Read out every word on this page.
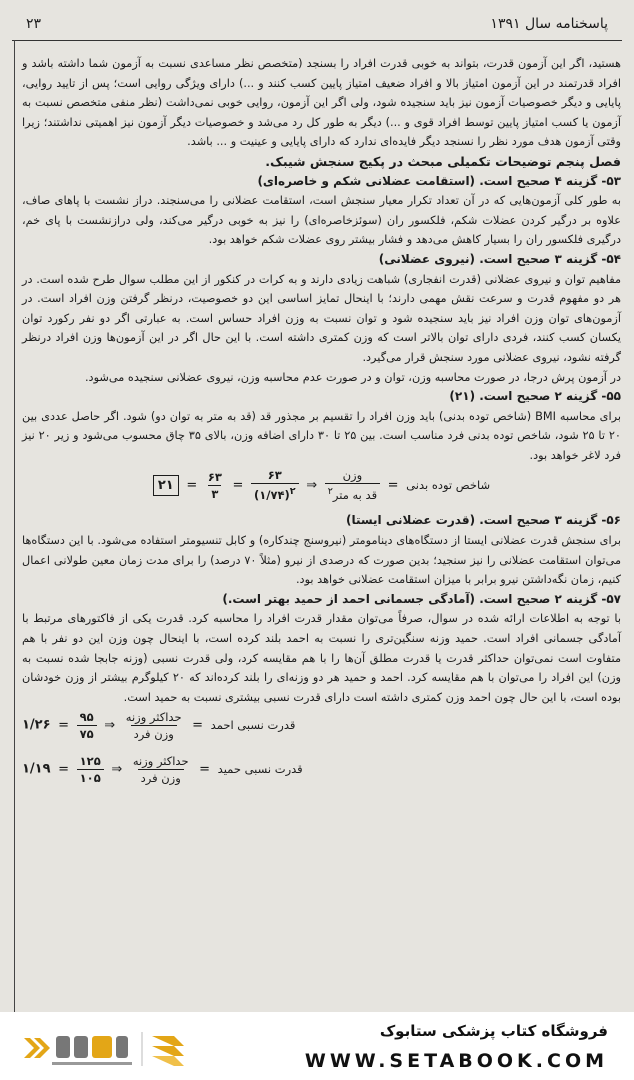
۲۳	پاسخنامه سال ۱۳۹۱

هستید، اگر این آزمون قدرت، بتواند به خوبی قدرت افراد را بسنجد (متخصص نظر مساعدی نسبت به آزمون شما داشته باشد و افراد قدرتمند در این آزمون امتیاز بالا و افراد ضعیف امتیاز پایین کسب کنند و ...) دارای ویژگی روایی است؛ پس از تایید روایی، پایایی و دیگر خصوصیات آزمون نیز باید سنجیده شود، ولی اگر این آزمون، روایی خوبی نمی‌داشت (نظر منفی متخصص نسبت به آزمون یا کسب امتیاز پایین توسط افراد قوی و ...) دیگر به طور کل رد می‌شد و خصوصیات دیگر آزمون نیز اهمیتی نداشتند؛ زیرا وقتی آزمون هدف مورد نظر را نسنجد دیگر فایده‌ای ندارد که دارای پایایی و عینیت و ... باشد.

فصل پنجم توضیحات تکمیلی مبحث در پکیج سنجش شیبک.

۵۳- گزینه ۴ صحیح است. (استقامت عضلانی شکم و خاصره‌ای)

به طور کلی آزمون‌هایی که در آن تعداد تکرار معیار سنجش است، استقامت عضلانی را می‌سنجند. دراز نشست با پاهای صاف، علاوه بر درگیر کردن عضلات شکم، فلکسور ران (سوئزخاصره‌ای) را نیز به خوبی درگیر می‌کند، ولی درازنشست با پای خم، درگیری فلکسور ران را بسیار کاهش می‌دهد و فشار بیشتر روی عضلات شکم خواهد بود.

۵۴- گزینه ۳ صحیح است. (نیروی عضلانی)

مفاهیم توان و نیروی عضلانی (قدرت انفجاری) شباهت زیادی دارند و به کرات در کنکور از این مطلب سوال طرح شده است. در هر دو مفهوم قدرت و سرعت نقش مهمی دارند؛ با اینحال تمایز اساسی این دو خصوصیت، درنظر گرفتن وزن افراد است. در آزمون‌های توان وزن افراد نیز باید سنجیده شود و توان نسبت به وزن افراد حساس است. به عبارتی اگر دو نفر رکورد توان یکسان کسب کنند، فردی دارای توان بالاتر است که وزن کمتری داشته است. با این حال اگر در این آزمون‌ها وزن افراد درنظر گرفته نشود، نیروی عضلانی مورد سنجش قرار می‌گیرد.

در آزمون پرش درجا، در صورت محاسبه وزن، توان و در صورت عدم محاسبه وزن، نیروی عضلانی سنجیده می‌شود.

۵۵- گزینه ۲ صحیح است. (۲۱)

برای محاسبه BMI (شاخص توده بدنی) باید وزن افراد را تقسیم بر مجذور قد (قد به متر به توان دو) شود. اگر حاصل عددی بین ۲۰ تا ۲۵ شود، شاخص توده بدنی فرد مناسب است. بین ۲۵ تا ۳۰ دارای اضافه وزن، بالای ۳۵ چاق محسوب می‌شود و زیر ۲۰ نیز فرد لاغر خواهد بود.

۲۱ = $\frac{۶۳}{۳} = \frac{۶۳}{(۱/۷۴)^۲}$ ⇒ $\frac{\text{وزن}}{قد به متر^۲}$ = شاخص توده بدنی

۵۶- گزینه ۳ صحیح است. (قدرت عضلانی ایستا)

برای سنجش قدرت عضلانی ایستا از دستگاه‌های دینامومتر (نیروسنج چندکاره) و کابل تنسیومتر استفاده می‌شود. با این دستگاه‌ها می‌توان استقامت عضلانی را نیز سنجید؛ بدین صورت که درصدی از نیرو (مثلاً ۷۰ درصد) را برای مدت زمان معین طولانی اعمال کنیم، زمان نگه‌داشتن نیرو برابر با میزان استقامت عضلانی خواهد بود.

۵۷- گزینه ۲ صحیح است. (آمادگی جسمانی احمد از حمید بهتر است.)

با توجه به اطلاعات ارائه شده در سوال، صرفاً می‌توان مقدار قدرت افراد را محاسبه کرد. قدرت یکی از فاکتورهای مرتبط با آمادگی جسمانی افراد است. حمید وزنه سنگین‌تری را نسبت به احمد بلند کرده است، با اینحال چون وزن این دو نفر با هم متفاوت است نمی‌توان حداکثر قدرت یا قدرت مطلق آن‌ها را با هم مقایسه کرد، ولی قدرت نسبی (وزنه جابجا شده نسبت به وزن) این افراد را می‌توان با هم مقایسه کرد. احمد و حمید هر دو وزنه‌ای را بلند کرده‌اند که ۲۰ کیلوگرم بیشتر از وزن خودشان بوده است، با این حال چون احمد وزن کمتری داشته است دارای قدرت نسبی بیشتری نسبت به حمید است.

۱/۲۶ = $\frac{۹۵}{۷۵}$ ⇒ $\frac{\text{حداکثر وزنه}}{\text{وزن فرد}}$ = قدرت نسبی احمد
۱/۱۹ = $\frac{۱۲۵}{۱۰۵}$ ⇒ $\frac{\text{حداکثر وزنه}}{\text{وزن فرد}}$ = قدرت نسبی حمید
فروشگاه کتاب پزشکی ستابوک
WWW.SETABOOK.COM
